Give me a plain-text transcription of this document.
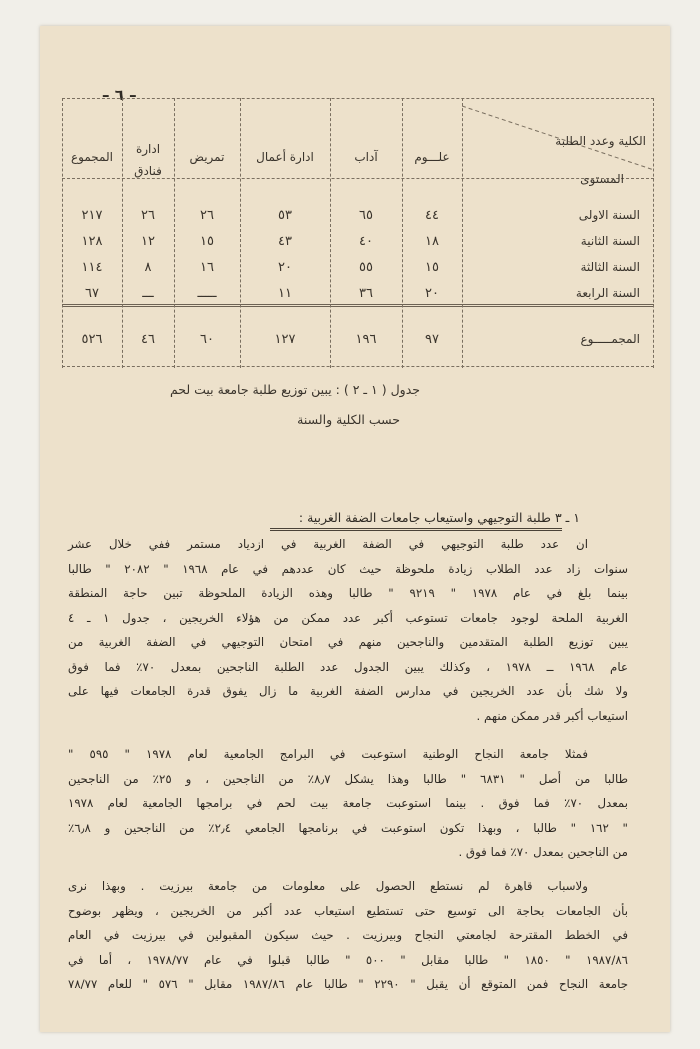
– ٦ –
الكلية وعدد الطلبة
المستوى
علـــوم
آداب
ادارة أعمال
تمريض
ادارة فنادق
المجموع
السنة الاولى
٤٤
٦٥
٥٣
٢٦
٢٦
٢١٧
السنة الثانية
١٨
٤٠
٤٣
١٥
١٢
١٢٨
السنة الثالثة
١٥
٥٥
٢٠
١٦
٨
١١٤
السنة الرابعة
٢٠
٣٦
١١
ـــــ
ـــ
٦٧
المجمـــــوع
٩٧
١٩٦
١٢٧
٦٠
٤٦
٥٢٦
جدول ( ١ ـ ٢ ) : يبين توزيع طلبة جامعة بيت لحم
حسب الكلية والسنة
١ ـ ٣ طلبة التوجيهي واستيعاب جامعات الضفة الغربية :
ان عدد طلبة التوجيهي في الضفة الغربية في ازدياد مستمر ففي خلال عشر
سنوات زاد عدد الطلاب زيادة ملحوظة حيث كان عددهم في عام ١٩٦٨ " ٢٠٨٢ " طالبا
بينما بلغ في عام ١٩٧٨ " ٩٢١٩ " طالبا وهذه الزيادة الملحوظة تبين حاجة المنطقة
الغربية الملحة لوجود جامعات تستوعب أكبر عدد ممكن من هؤلاء الخريجين ، جدول ١ ـ ٤
يبين توزيع الطلبة المتقدمين والناجحين منهم في امتحان التوجيهي في الضفة الغربية من
عام ١٩٦٨ ــ ١٩٧٨ ، وكذلك يبين الجدول عدد الطلبة الناجحين بمعدل ٧٠٪ فما فوق
ولا شك بأن عدد الخريجين في مدارس الضفة الغربية ما زال يفوق قدرة الجامعات فيها على
استيعاب أكبر قدر ممكن منهم .
فمثلا جامعة النجاح الوطنية استوعبت في البرامج الجامعية لعام ١٩٧٨ " ٥٩٥ "
طالبا من أصل " ٦٨٣١ " طالبا وهذا يشكل ٨٫٧٪ من الناجحين ، و ٢٥٪ من الناجحين
بمعدل ٧٠٪ فما فوق . بينما استوعبت جامعة بيت لحم في برامجها الجامعية لعام ١٩٧٨
" ١٦٢ " طالبا ، وبهذا تكون استوعبت في برنامجها الجامعي ٢٫٤٪ من الناجحين و ٦٫٨٪
من الناجحين بمعدل ٧٠٪ فما فوق .
ولاسباب قاهرة لم نستطع الحصول على معلومات من جامعة بيرزيت . وبهذا نرى
بأن الجامعات بحاجة الى توسيع حتى تستطيع استيعاب عدد أكبر من الخريجين ، ويظهر بوضوح
في الخطط المقترحة لجامعتي النجاح وبيرزيت . حيث سيكون المقبولين في بيرزيت في العام
١٩٨٧/٨٦ " ١٨٥٠ " طالبا مقابل " ٥٠٠ " طالبا قبلوا في عام ١٩٧٨/٧٧ ، أما في
جامعة النجاح فمن المتوقع أن يقبل " ٢٢٩٠ " طالبا عام ١٩٨٧/٨٦ مقابل " ٥٧٦ " للعام ٧٨/٧٧
